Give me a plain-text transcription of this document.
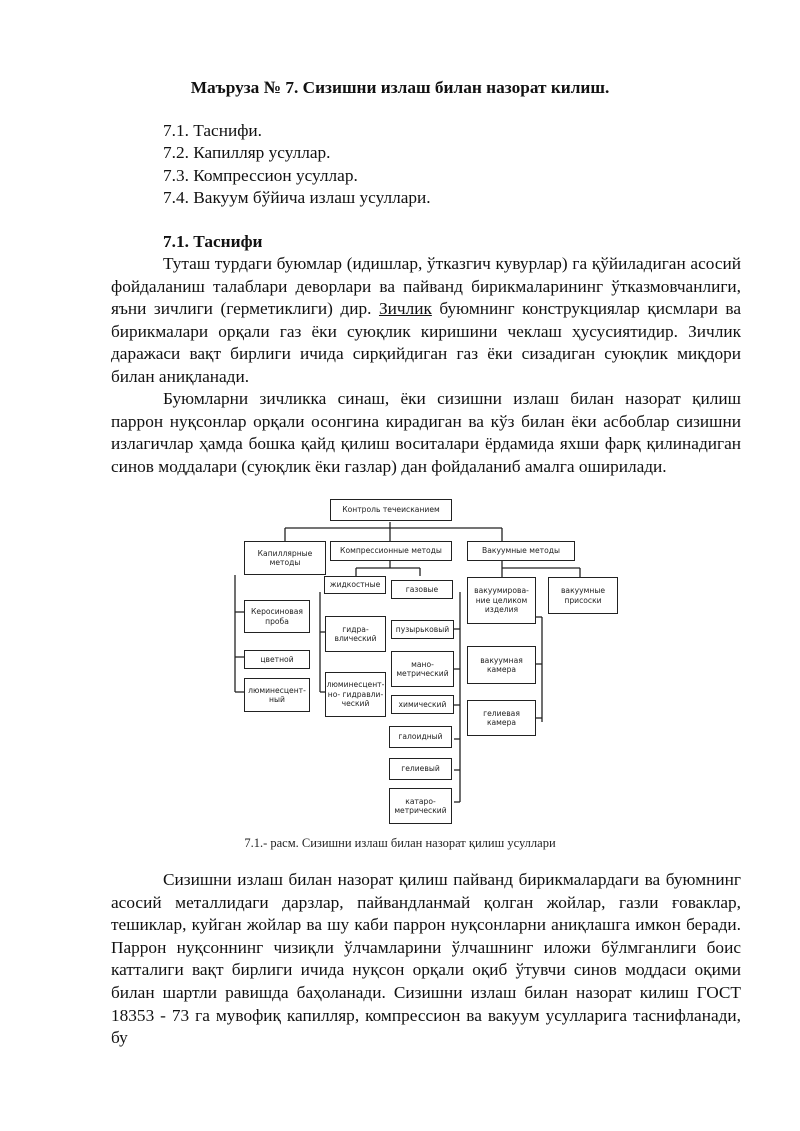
Маъруза № 7. Сизишни излаш билан назорат килиш.
7.1. Таснифи.
7.2. Капилляр усуллар.
7.3. Компрессион усуллар.
7.4. Вакуум бўйича излаш усуллари.
7.1. Таснифи
Туташ турдаги буюмлар (идишлар, ўтказгич кувурлар) га қўйиладиган асосий фойдаланиш талаблари деворлари ва пайванд бирикмаларининг ўтказмовчанлиги, яъни зичлиги (герметиклиги) дир. Зичлик буюмнинг конструкциялар қисмлари ва бирикмалари орқали газ ёки суюқлик киришини чеклаш ҳусусиятидир. Зичлик даражаси вақт бирлиги ичида сирқийдиган газ ёки сизадиган суюқлик миқдори билан аниқланади.
Буюмларни зичликка синаш, ёки сизишни излаш билан назорат қилиш паррон нуқсонлар орқали осонгина кирадиган ва кўз билан ёки асбоблар сизишни излагичлар ҳамда бошка қайд қилиш воситалари ёрдамида яхши фарқ қилинадиган синов моддалари (суюқлик ёки газлар) дан фойдаланиб амалга оширилади.
Контроль течеискaнием
Капиллярные методы
Компрессионные методы	Вакуумные методы
Керосиновая проба
цветной
люминесцент-ный
жидкостные
гидра-влический
люминесцент-но- гидравли-ческий
газовые
пузырьковый
мано-метрический
химический
галоидный
гелиевый
катаро-метрический
вакуумирова-ние целиком изделия
вакуумные присоски
вакуумная камера
гелиевая камера
7.1.- расм. Сизишни излаш билан назорат қилиш усуллари
Сизишни излаш билан назорат қилиш пайванд бирикмалардаги ва буюмнинг асосий металлидаги дарзлар, пайвандланмай қолган жойлар, газли ғоваклар, тешиклар, куйган жойлар ва шу каби паррон нуқсонларни аниқлашга имкон беради. Паррон нуқсоннинг чизиқли ўлчамларини ўлчашнинг иложи бўлмганлиги боис катталиги вақт бирлиги ичида нуқсон орқали оқиб ўтувчи синов моддаси оқими билан шартли равишда баҳоланади. Сизишни излаш билан назорат килиш ГОСТ 18353 - 73 га мувофиқ капилляр, компрессион ва вакуум усулларига таснифланади, бу
